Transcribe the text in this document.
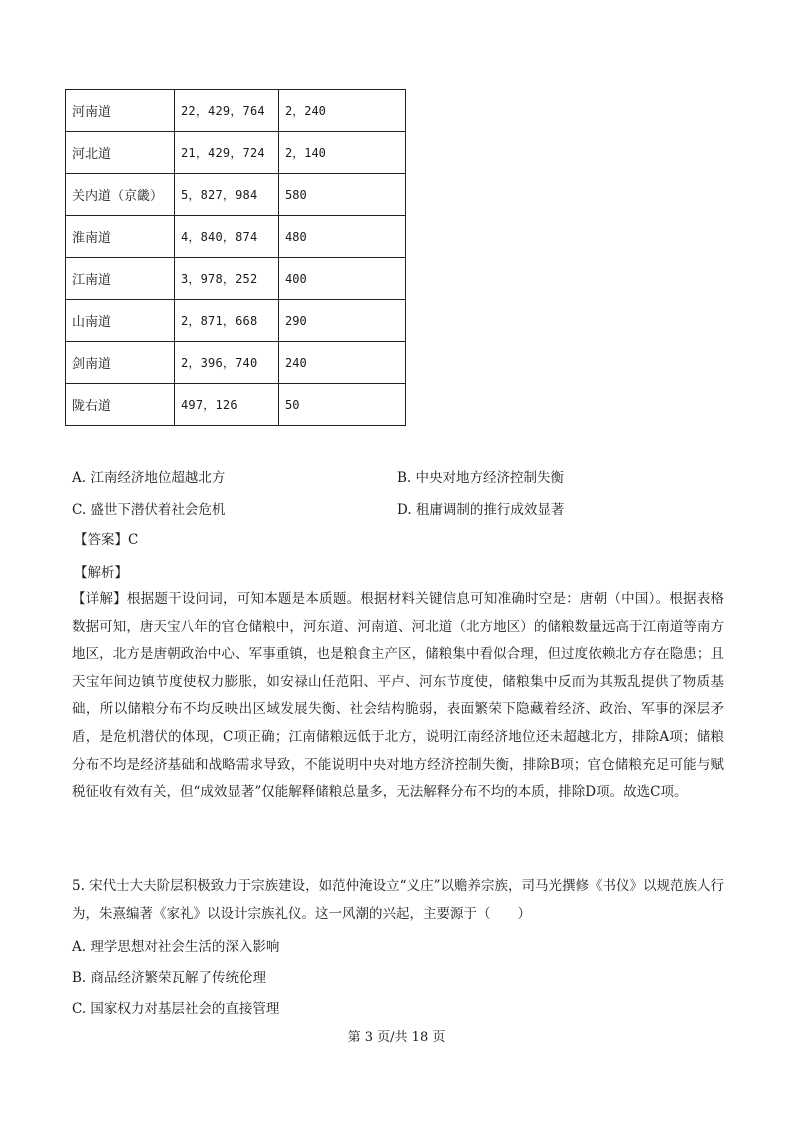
河南道	22，429，764	2，240
河北道	21，429，724	2，140
关内道（京畿）	5，827，984	580
淮南道	4，840，874	480
江南道	3，978，252	400
山南道	2，871，668	290
剑南道	2，396，740	240
陇右道	497，126	50
A. 江南经济地位超越北方	B. 中央对地方经济控制失衡
C. 盛世下潜伏着社会危机	D. 租庸调制的推行成效显著
【答案】C
【解析】
【详解】根据题干设问词，可知本题是本质题。根据材料关键信息可知准确时空是：唐朝（中国）。根据表格数据可知，唐天宝八年的官仓储粮中，河东道、河南道、河北道（北方地区）的储粮数量远高于江南道等南方地区，北方是唐朝政治中心、军事重镇，也是粮食主产区，储粮集中看似合理，但过度依赖北方存在隐患；且天宝年间边镇节度使权力膨胀，如安禄山任范阳、平卢、河东节度使，储粮集中反而为其叛乱提供了物质基础，所以储粮分布不均反映出区域发展失衡、社会结构脆弱，表面繁荣下隐藏着经济、政治、军事的深层矛盾，是危机潜伏的体现，C项正确；江南储粮远低于北方，说明江南经济地位还未超越北方，排除A项；储粮分布不均是经济基础和战略需求导致，不能说明中央对地方经济控制失衡，排除B项；官仓储粮充足可能与赋税征收有效有关，但“成效显著”仅能解释储粮总量多，无法解释分布不均的本质，排除D项。故选C项。
5. 宋代士大夫阶层积极致力于宗族建设，如范仲淹设立“义庄”以赡养宗族，司马光撰修《书仪》以规范族人行为，朱熹编著《家礼》以设计宗族礼仪。这一风潮的兴起，主要源于（　　）
A. 理学思想对社会生活的深入影响
B. 商品经济繁荣瓦解了传统伦理
C. 国家权力对基层社会的直接管理
第 3 页/共 18 页
